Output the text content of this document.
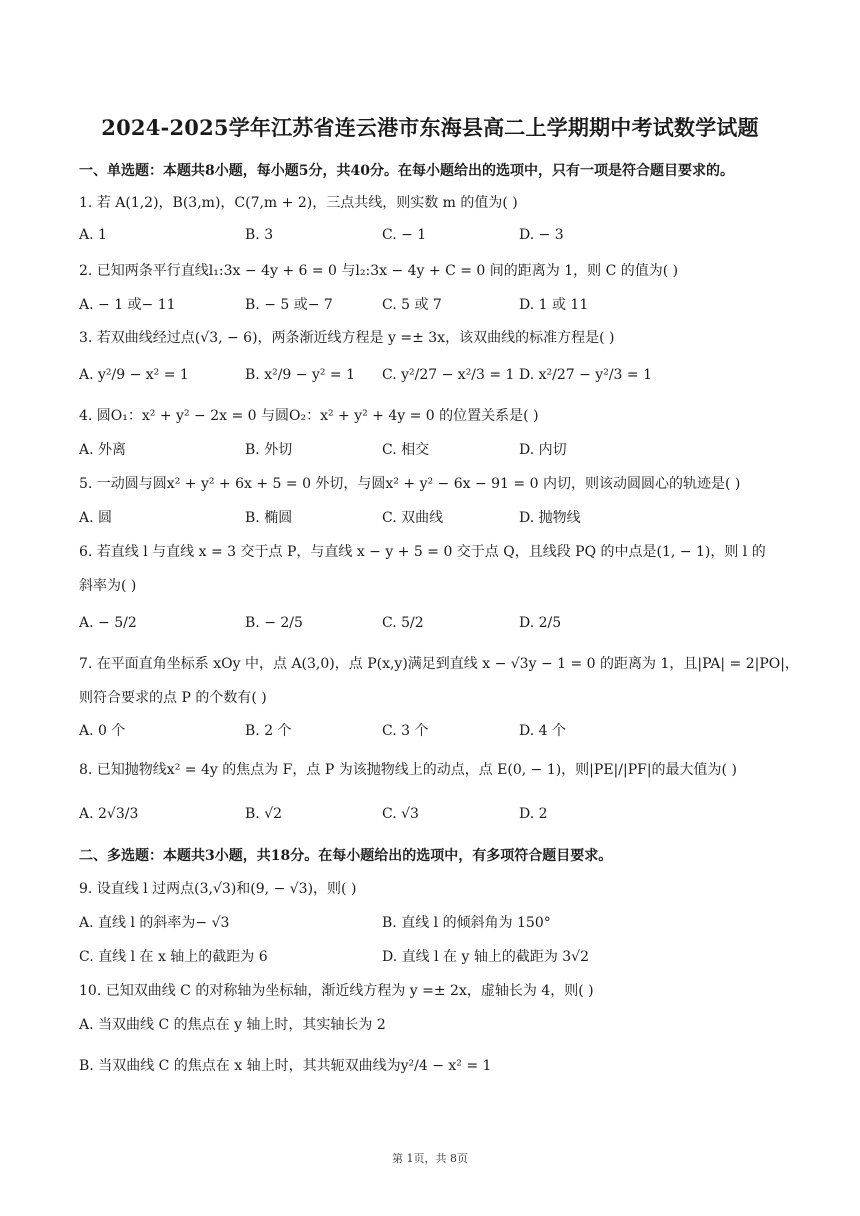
2024-2025学年江苏省连云港市东海县高二上学期期中考试数学试题
一、单选题：本题共8小题，每小题5分，共40分。在每小题给出的选项中，只有一项是符合题目要求的。
1. 若 A(1,2)，B(3,m)，C(7,m + 2)，三点共线，则实数 m 的值为( )
A. 1	B. 3	C. − 1	D. − 3
2. 已知两条平行直线l₁:3x − 4y + 6 = 0 与l₂:3x − 4y + C = 0 间的距离为 1，则 C 的值为( )
A. − 1 或− 11	B. − 5 或− 7	C. 5 或 7	D. 1 或 11
3. 若双曲线经过点(√3, − 6)，两条渐近线方程是 y =± 3x，该双曲线的标准方程是( )
A. y²/9 − x² = 1	B. x²/9 − y² = 1 C. y²/27 − x²/3 = 1 D. x²/27 − y²/3 = 1
4. 圆O₁：x² + y² − 2x = 0 与圆O₂：x² + y² + 4y = 0 的位置关系是( )
A. 外离	B. 外切	C. 相交	D. 内切
5. 一动圆与圆x² + y² + 6x + 5 = 0 外切，与圆x² + y² − 6x − 91 = 0 内切，则该动圆圆心的轨迹是( )
A. 圆	B. 椭圆	C. 双曲线	D. 抛物线
6. 若直线 l 与直线 x = 3 交于点 P，与直线 x − y + 5 = 0 交于点 Q，且线段 PQ 的中点是(1, − 1)，则 l 的
斜率为( )
A. − 5/2	B. − 2/5	C. 5/2	D. 2/5
7. 在平面直角坐标系 xOy 中，点 A(3,0)，点 P(x,y)满足到直线 x − √3y − 1 = 0 的距离为 1，且|PA| = 2|PO|，
则符合要求的点 P 的个数有( )
A. 0 个	B. 2 个	C. 3 个	D. 4 个
8. 已知抛物线x² = 4y 的焦点为 F，点 P 为该抛物线上的动点，点 E(0, − 1)，则|PE|/|PF|的最大值为( )
A. 2√3/3	B. √2	C. √3	D. 2
二、多选题：本题共3小题，共18分。在每小题给出的选项中，有多项符合题目要求。
9. 设直线 l 过两点(3,√3)和(9, − √3)，则( )
A. 直线 l 的斜率为− √3	B. 直线 l 的倾斜角为 150°
C. 直线 l 在 x 轴上的截距为 6	D. 直线 l 在 y 轴上的截距为 3√2
10. 已知双曲线 C 的对称轴为坐标轴，渐近线方程为 y =± 2x，虚轴长为 4，则( )
A. 当双曲线 C 的焦点在 y 轴上时，其实轴长为 2
B. 当双曲线 C 的焦点在 x 轴上时，其共轭双曲线为y²/4 − x² = 1
第 1页，共 8页
